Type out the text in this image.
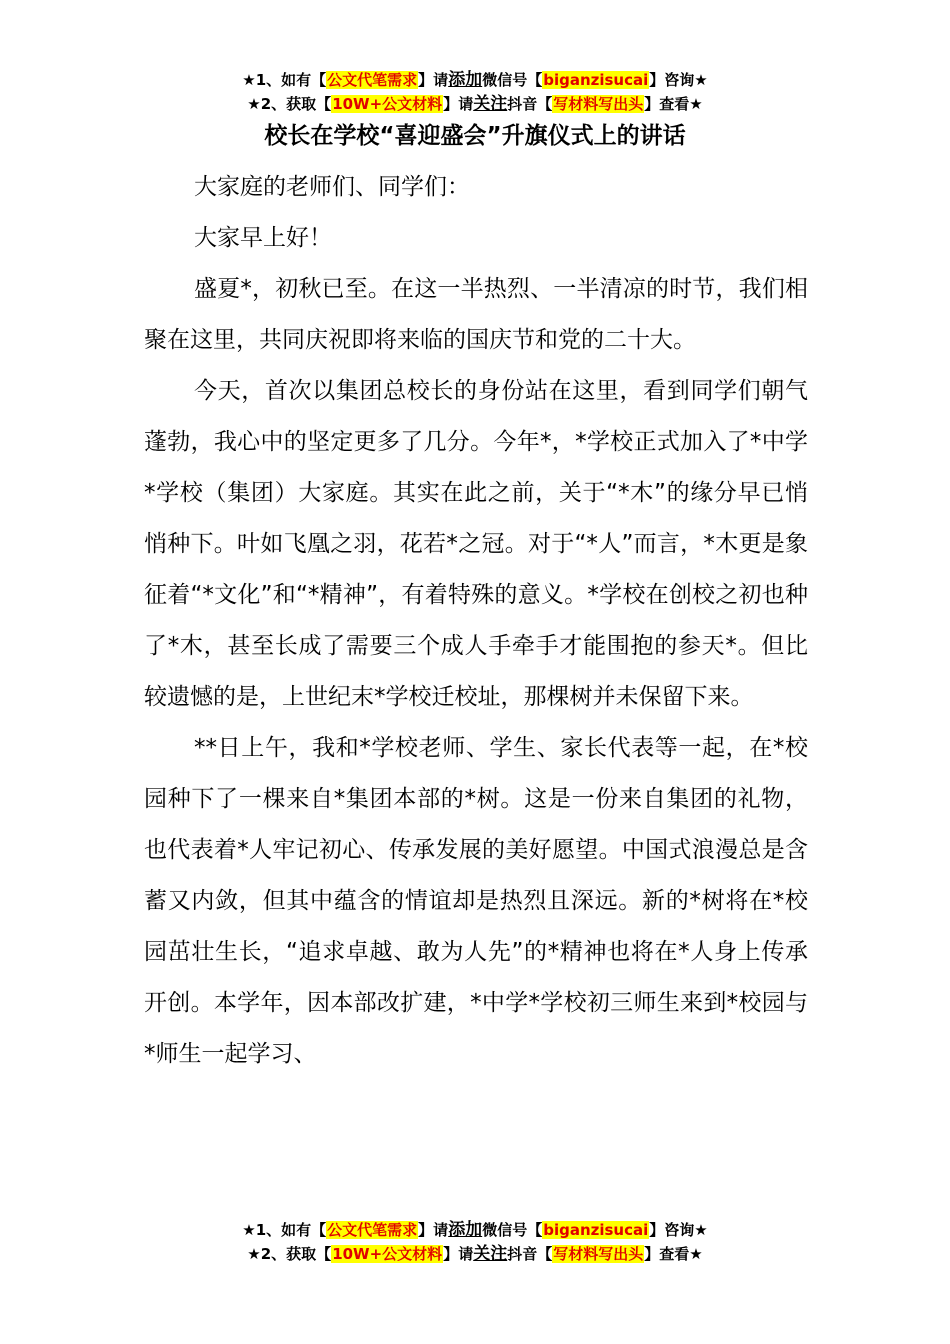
★1、如有【公文代笔需求】请添加微信号【biganzisucai】咨询★
★2、获取【10W+公文材料】请关注抖音【写材料写出头】查看★
校长在学校“喜迎盛会”升旗仪式上的讲话

大家庭的老师们、同学们：

大家早上好！

盛夏*，初秋已至。在这一半热烈、一半清凉的时节，我们相聚在这里，共同庆祝即将来临的国庆节和党的二十大。

今天，首次以集团总校长的身份站在这里，看到同学们朝气蓬勃，我心中的坚定更多了几分。今年*，*学校正式加入了*中学*学校（集团）大家庭。其实在此之前，关于“*木”的缘分早已悄悄种下。叶如飞凰之羽，花若*之冠。对于“*人”而言，*木更是象征着“*文化”和“*精神”，有着特殊的意义。*学校在创校之初也种了*木，甚至长成了需要三个成人手牵手才能围抱的参天*。但比较遗憾的是，上世纪末*学校迁校址，那棵树并未保留下来。

**日上午，我和*学校老师、学生、家长代表等一起，在*校园种下了一棵来自*集团本部的*树。这是一份来自集团的礼物，也代表着*人牢记初心、传承发展的美好愿望。中国式浪漫总是含蓄又内敛，但其中蕴含的情谊却是热烈且深远。新的*树将在*校园茁壮生长，“追求卓越、敢为人先”的*精神也将在*人身上传承开创。本学年，因本部改扩建，*中学*学校初三师生来到*校园与*师生一起学习、

★1、如有【公文代笔需求】请添加微信号【biganzisucai】咨询★
★2、获取【10W+公文材料】请关注抖音【写材料写出头】查看★
